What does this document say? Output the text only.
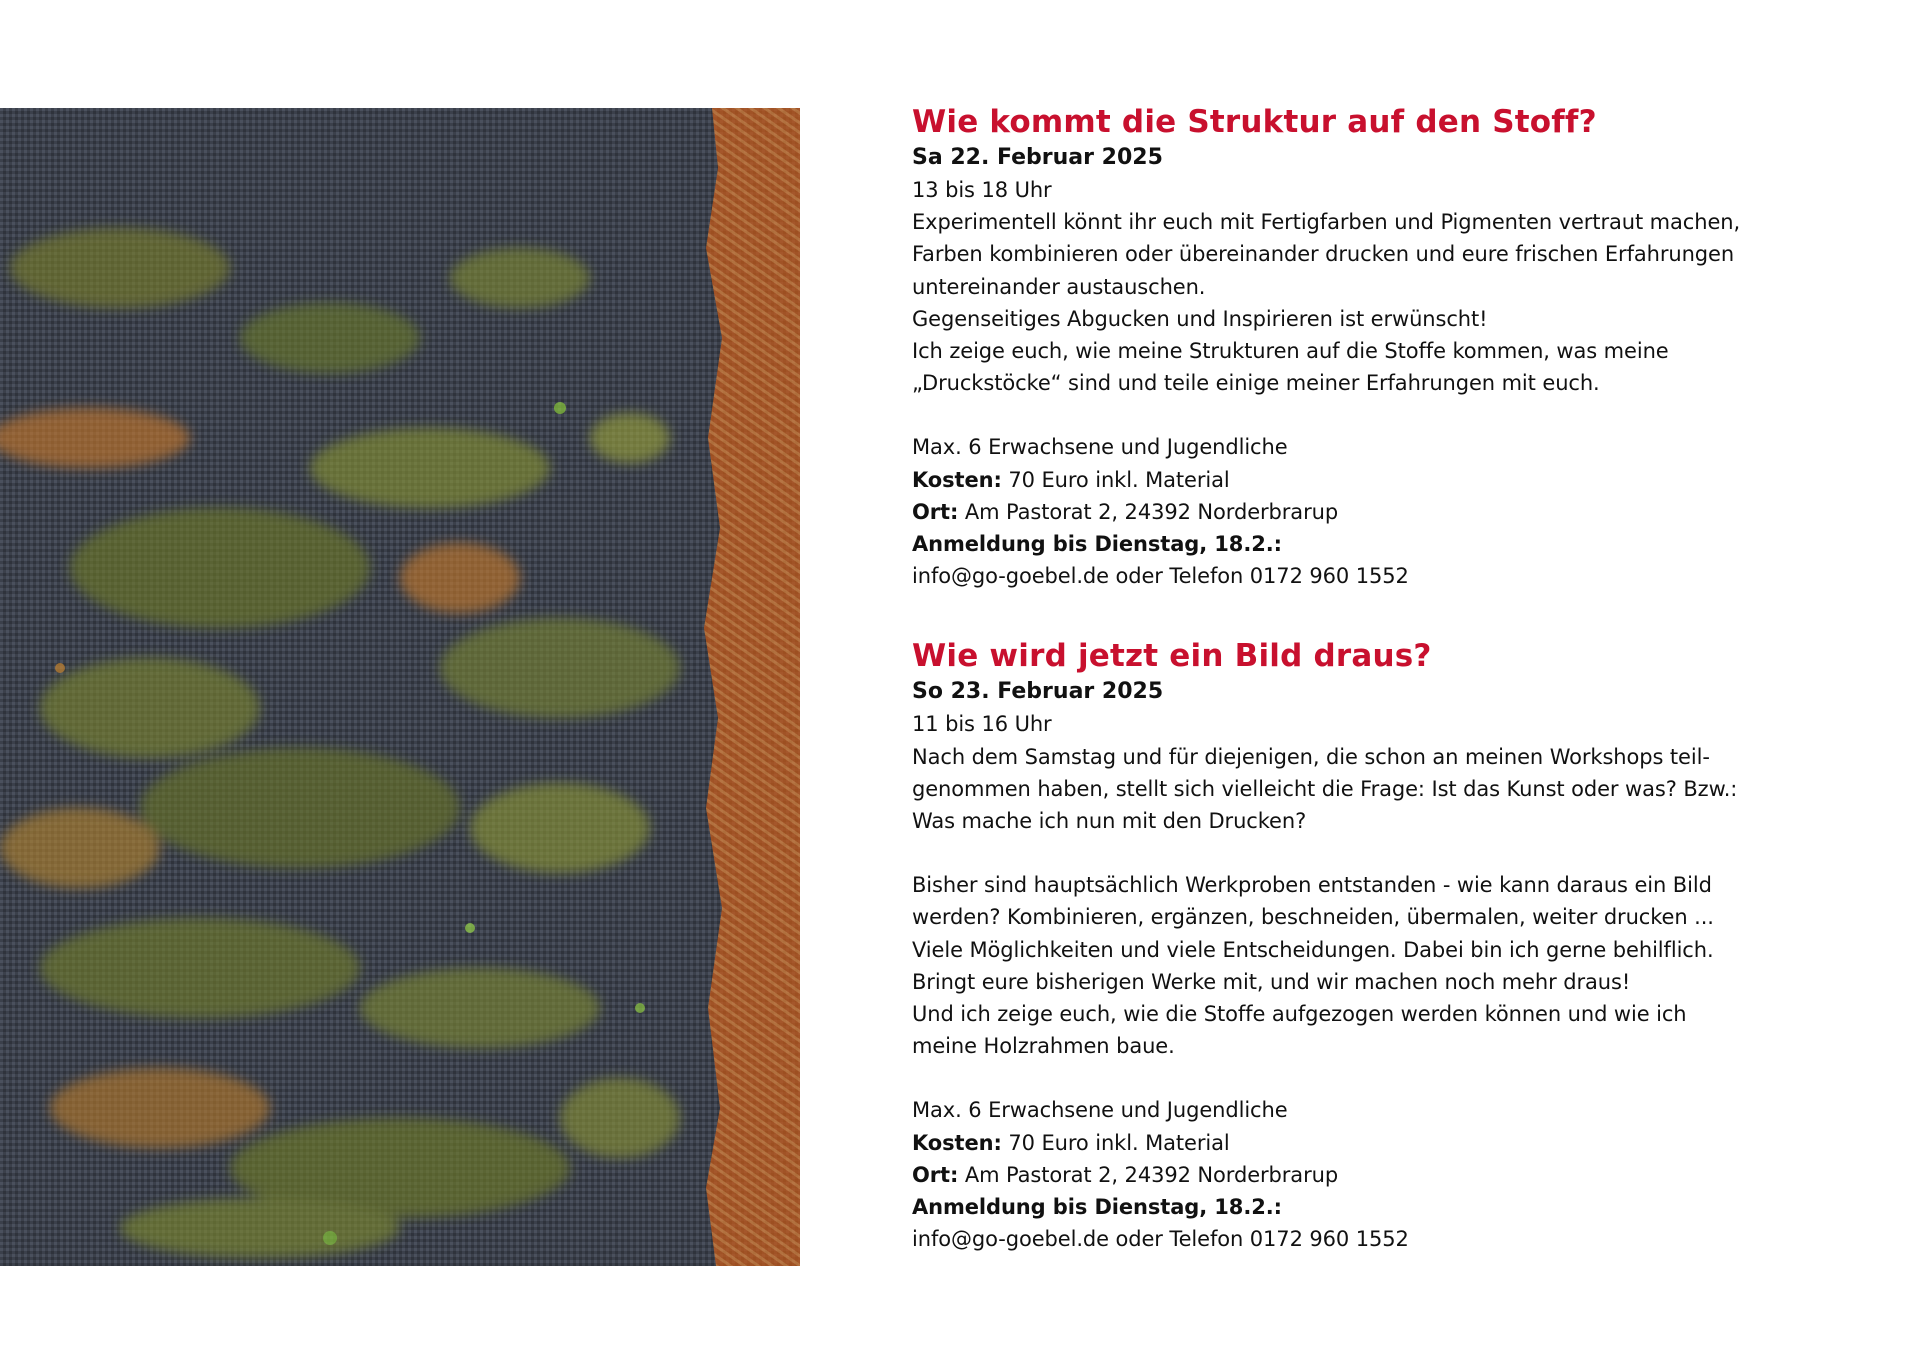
Wie kommt die Struktur auf den Stoff?
Sa 22. Februar 2025

13 bis 18 Uhr

Experimentell könnt ihr euch mit Fertigfarben und Pigmenten vertraut machen,

Farben kombinieren oder übereinander drucken und eure frischen Erfahrungen

untereinander austauschen.

Gegenseitiges Abgucken und Inspirieren ist erwünscht!

Ich zeige euch, wie meine Strukturen auf die Stoffe kommen, was meine

„Druckstöcke“ sind und teile einige meiner Erfahrungen mit euch.

Max. 6 Erwachsene und Jugendliche

Kosten: 70 Euro inkl. Material

Ort: Am Pastorat 2, 24392 Norderbrarup

Anmeldung bis Dienstag, 18.2.:

info@go-goebel.de oder Telefon 0172 960 1552

Wie wird jetzt ein Bild draus?
So 23. Februar 2025

11 bis 16 Uhr

Nach dem Samstag und für diejenigen, die schon an meinen Workshops teil-

genommen haben, stellt sich vielleicht die Frage: Ist das Kunst oder was? Bzw.:

Was mache ich nun mit den Drucken?

Bisher sind hauptsächlich Werkproben entstanden - wie kann daraus ein Bild

werden? Kombinieren, ergänzen, beschneiden, übermalen, weiter drucken ...

Viele Möglichkeiten und viele Entscheidungen. Dabei bin ich gerne behilflich.

Bringt eure bisherigen Werke mit, und wir machen noch mehr draus!

Und ich zeige euch, wie die Stoffe aufgezogen werden können und wie ich

meine Holzrahmen baue.

Max. 6 Erwachsene und Jugendliche

Kosten: 70 Euro inkl. Material

Ort: Am Pastorat 2, 24392 Norderbrarup

Anmeldung bis Dienstag, 18.2.:

info@go-goebel.de oder Telefon 0172 960 1552
